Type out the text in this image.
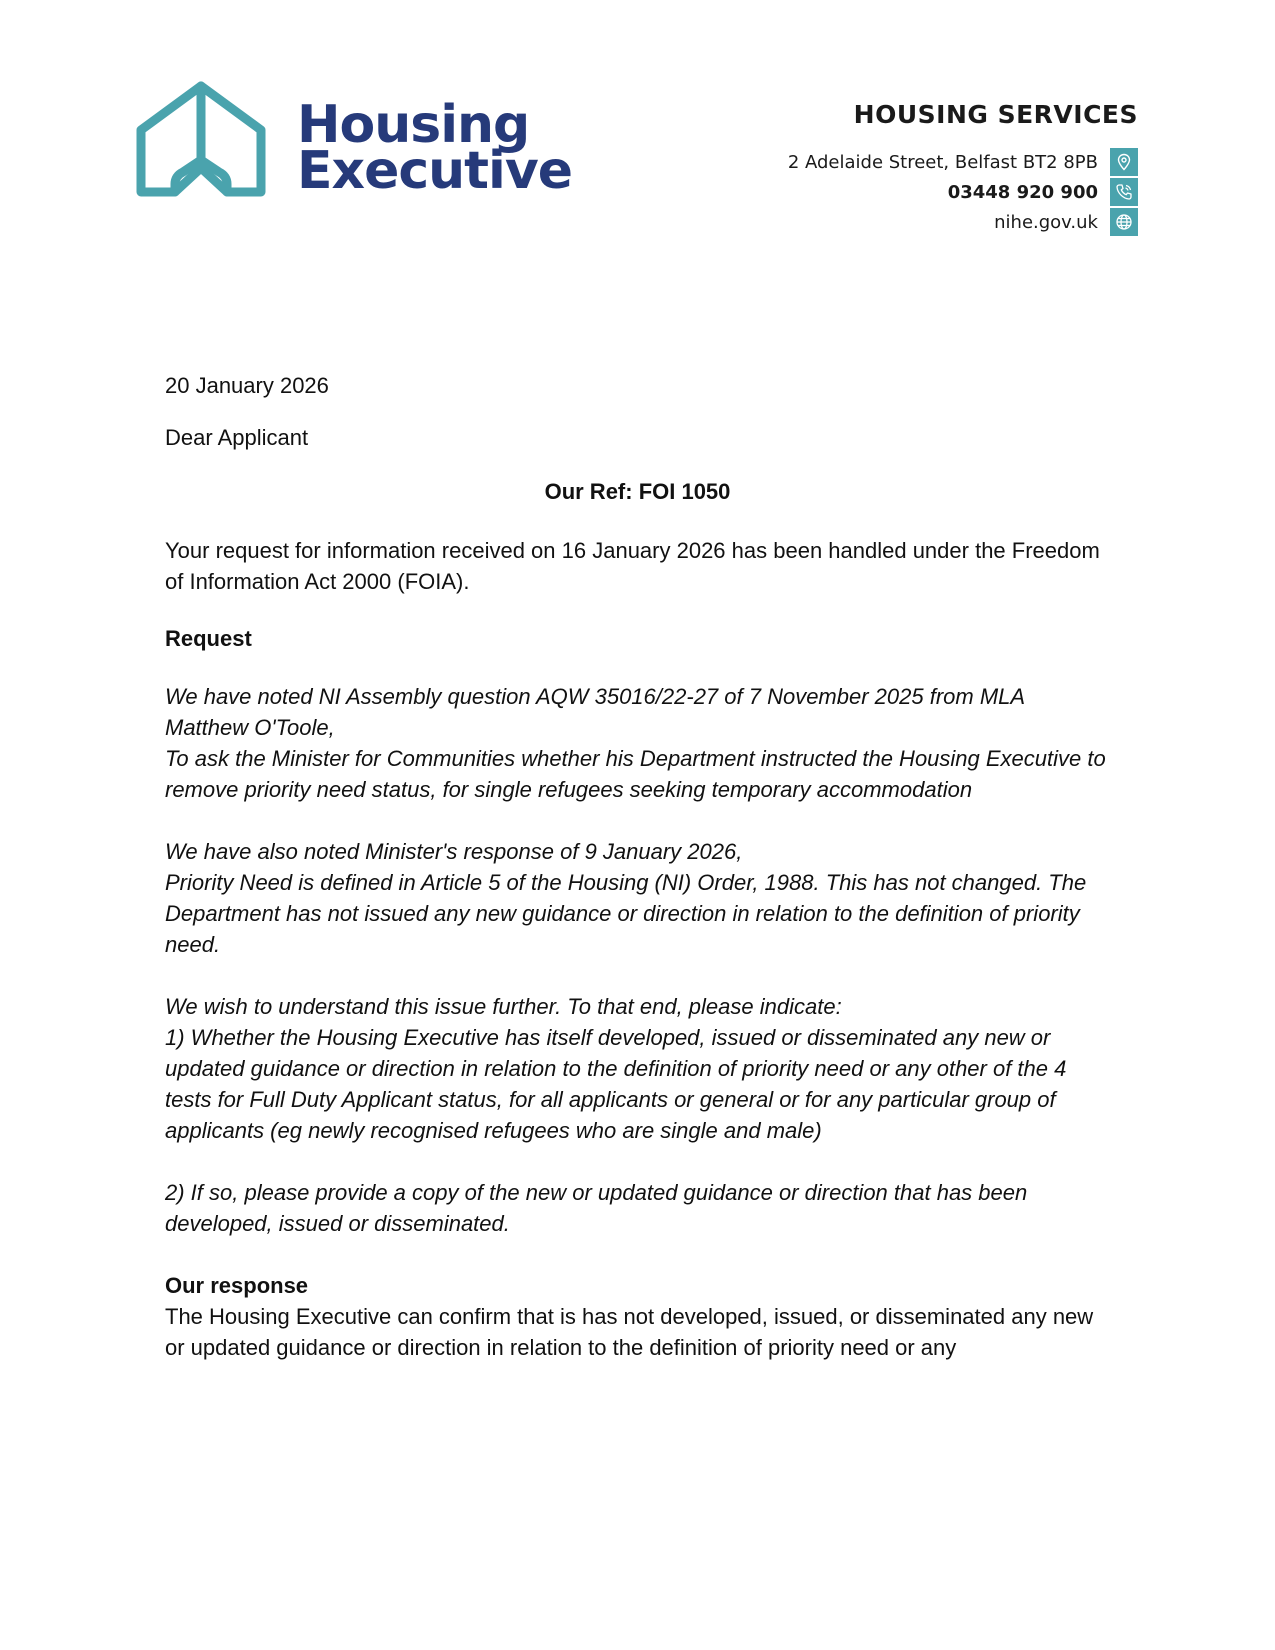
Housing
Executive
HOUSING SERVICES
2 Adelaide Street, Belfast BT2 8PB
03448 920 900
nihe.gov.uk

20 January 2026

Dear Applicant

Our Ref: FOI 1050

Your request for information received on 16 January 2026 has been handled under the Freedom of Information Act 2000 (FOIA).

Request

We have noted NI Assembly question AQW 35016/22-27 of 7 November 2025 from MLA Matthew O'Toole,
To ask the Minister for Communities whether his Department instructed the Housing Executive to remove priority need status, for single refugees seeking temporary accommodation

We have also noted Minister's response of 9 January 2026,
Priority Need is defined in Article 5 of the Housing (NI) Order, 1988. This has not changed. The Department has not issued any new guidance or direction in relation to the definition of priority need.

We wish to understand this issue further. To that end, please indicate:
1) Whether the Housing Executive has itself developed, issued or disseminated any new or updated guidance or direction in relation to the definition of priority need or any other of the 4 tests for Full Duty Applicant status, for all applicants or general or for any particular group of applicants (eg newly recognised refugees who are single and male)

2) If so, please provide a copy of the new or updated guidance or direction that has been developed, issued or disseminated.

Our response

The Housing Executive can confirm that is has not developed, issued, or disseminated any new or updated guidance or direction in relation to the definition of priority need or any
